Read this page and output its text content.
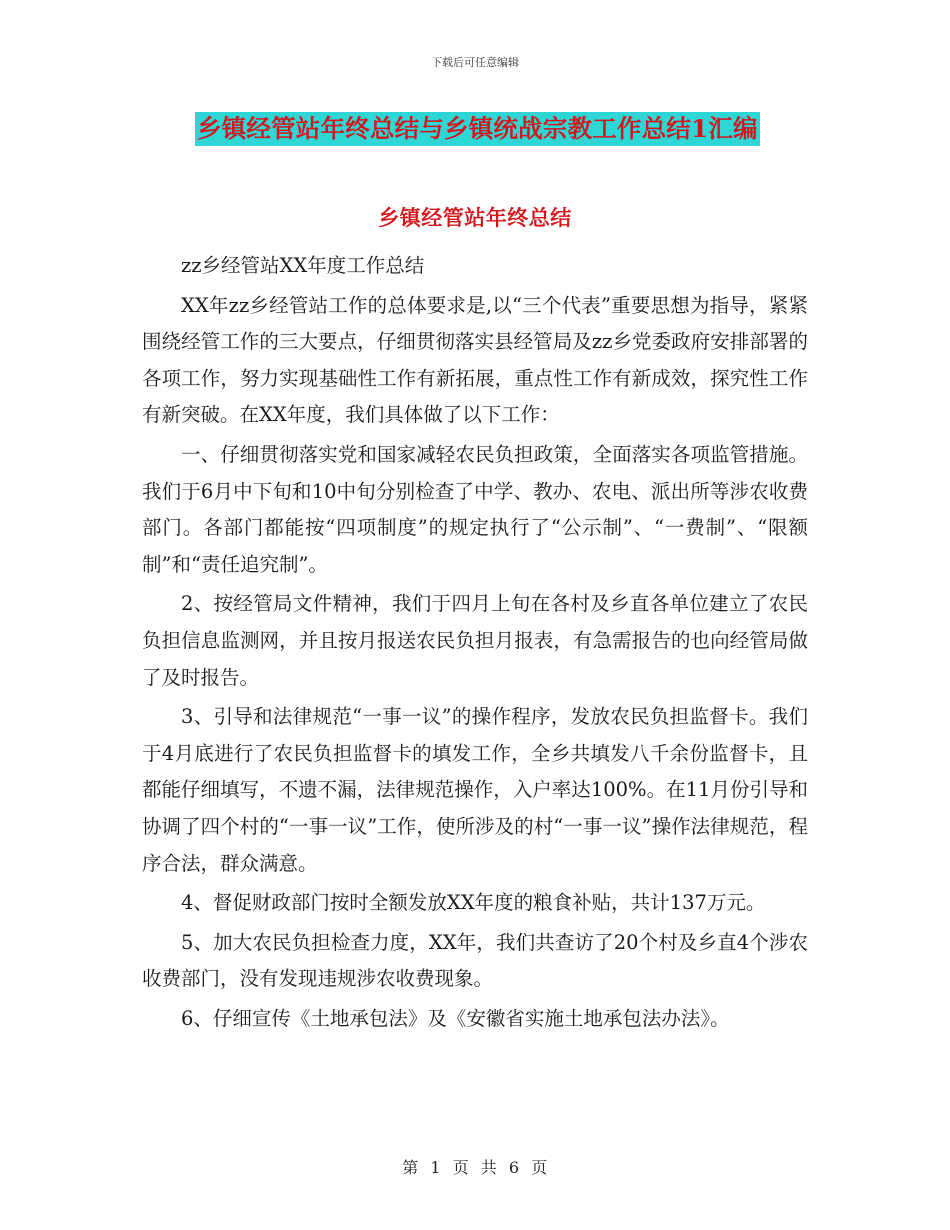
下载后可任意编辑
乡镇经管站年终总结与乡镇统战宗教工作总结1汇编
乡镇经管站年终总结

zz乡经管站XX年度工作总结

XX年zz乡经管站工作的总体要求是,以“三个代表”重要思想为指导，紧紧围绕经管工作的三大要点，仔细贯彻落实县经管局及zz乡党委政府安排部署的各项工作，努力实现基础性工作有新拓展，重点性工作有新成效，探究性工作有新突破。在XX年度，我们具体做了以下工作：

一、仔细贯彻落实党和国家减轻农民负担政策，全面落实各项监管措施。我们于6月中下旬和10中旬分别检查了中学、教办、农电、派出所等涉农收费部门。各部门都能按“四项制度”的规定执行了“公示制”、“一费制”、“限额制”和“责任追究制”。

2、按经管局文件精神，我们于四月上旬在各村及乡直各单位建立了农民负担信息监测网，并且按月报送农民负担月报表，有急需报告的也向经管局做了及时报告。

3、引导和法律规范“一事一议”的操作程序，发放农民负担监督卡。我们于4月底进行了农民负担监督卡的填发工作，全乡共填发八千余份监督卡，且都能仔细填写，不遗不漏，法律规范操作，入户率达100%。在11月份引导和协调了四个村的“一事一议”工作，使所涉及的村“一事一议”操作法律规范，程序合法，群众满意。

4、督促财政部门按时全额发放XX年度的粮食补贴，共计137万元。

5、加大农民负担检查力度，XX年，我们共查访了20个村及乡直4个涉农收费部门，没有发现违规涉农收费现象。

6、仔细宣传《土地承包法》及《安徽省实施土地承包法办法》。

第 1 页 共 6 页
